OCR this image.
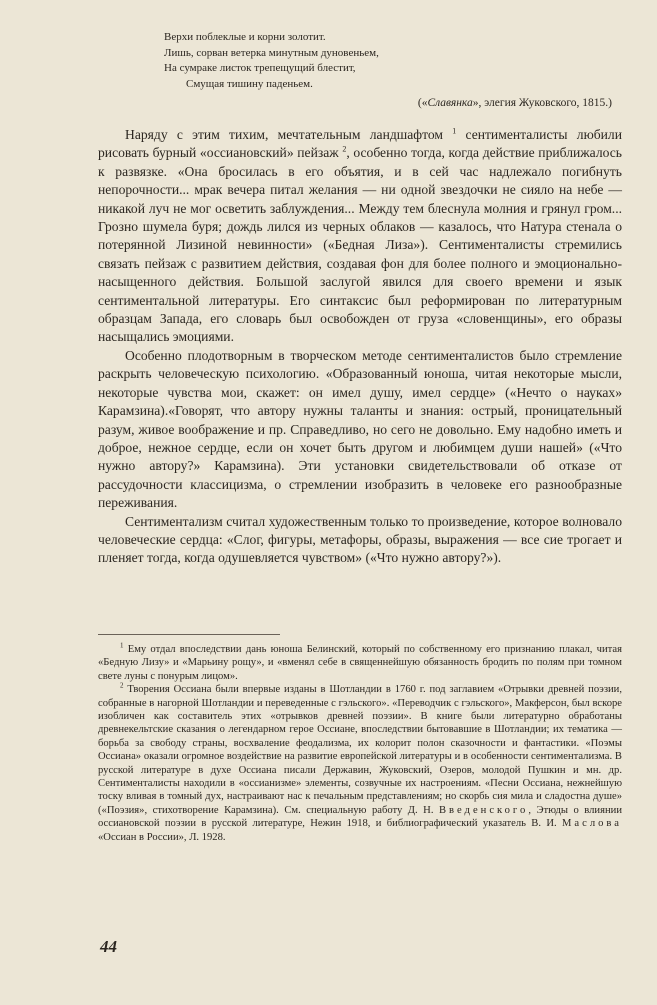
Верхи поблеклые и корни золотит.
Лишь, сорван ветерка минутным дуновеньем,
На сумраке листок трепещущий блестит,
Смущая тишину паденьем.
(«Славянка», элегия Жуковского, 1815.)

Наряду с этим тихим, мечтательным ландшафтом $^1$ сентименталисты любили рисовать бурный «оссиановский» пейзаж $^2$, особенно тогда, когда действие приближалось к развязке. «Она бросилась в его объятия, и в сей час надлежало погибнуть непорочности... мрак вечера питал желания — ни одной звездочки не сияло на небе — никакой луч не мог осветить заблуждения... Между тем блеснула молния и грянул гром... Грозно шумела буря; дождь лился из черных облаков — казалось, что Натура стенала о потерянной Лизиной невинности» («Бедная Лиза»). Сентименталисты стремились связать пейзаж с развитием действия, создавая фон для более полного и эмоционально-насыщенного действия. Большой заслугой явился для своего времени и язык сентиментальной литературы. Его синтаксис был реформирован по литературным образцам Запада, его словарь был освобожден от груза «словенщины», его образы насыщались эмоциями.

Особенно плодотворным в творческом методе сентименталистов было стремление раскрыть человеческую психологию. «Образованный юноша, читая некоторые мысли, некоторые чувства мои, скажет: он имел душу, имел сердце» («Нечто о науках» Карамзина).«Говорят, что автору нужны таланты и знания: острый, проницательный разум, живое воображение и пр. Справедливо, но сего не довольно. Ему надобно иметь и доброе, нежное сердце, если он хочет быть другом и любимцем души нашей» («Что нужно автору?» Карамзина). Эти установки свидетельствовали об отказе от рассудочности классицизма, о стремлении изобразить в человеке его разнообразные переживания.

Сентиментализм считал художественным только то произведение, которое волновало человеческие сердца: «Слог, фигуры, метафоры, образы, выражения — все сие трогает и пленяет тогда, когда одушевляется чувством» («Что нужно автору?»).

$^1$ Ему отдал впоследствии дань юноша Белинский, который по собственному его признанию плакал, читая «Бедную Лизу» и «Марьину рощу», и «вменял себе в священнейшую обязанность бродить по полям при томном свете луны с понурым лицом».

$^2$ Творения Оссиана были впервые изданы в Шотландии в 1760 г. под заглавием «Отрывки древней поэзии, собранные в нагорной Шотландии и переведенные с гэльского». «Переводчик с гэльского», Макферсон, был вскоре изобличен как составитель этих «отрывков древней поэзии». В книге были литературно обработаны древнекельтские сказания о легендарном герое Оссиане, впоследствии бытовавшие в Шотландии; их тематика — борьба за свободу страны, восхваление феодализма, их колорит полон сказочности и фантастики. «Поэмы Оссиана» оказали огромное воздействие на развитие европейской литературы и в особенности сентиментализма. В русской литературе в духе Оссиана писали Державин, Жуковский, Озеров, молодой Пушкин и мн. др. Сентименталисты находили в «оссианизме» элементы, созвучные их настроениям. «Песни Оссиана, нежнейшую тоску вливая в томный дух, настраивают нас к печальным представлениям; но скорбь сия мила и сладостна душе» («Поэзия», стихотворение Карамзина). См. специальную работу Д. Н. Введенского, Этюды о влиянии оссиановской поэзии в русской литературе, Нежин 1918, и библиографический указатель В. И. Маслова «Оссиан в России», Л. 1928.

44
